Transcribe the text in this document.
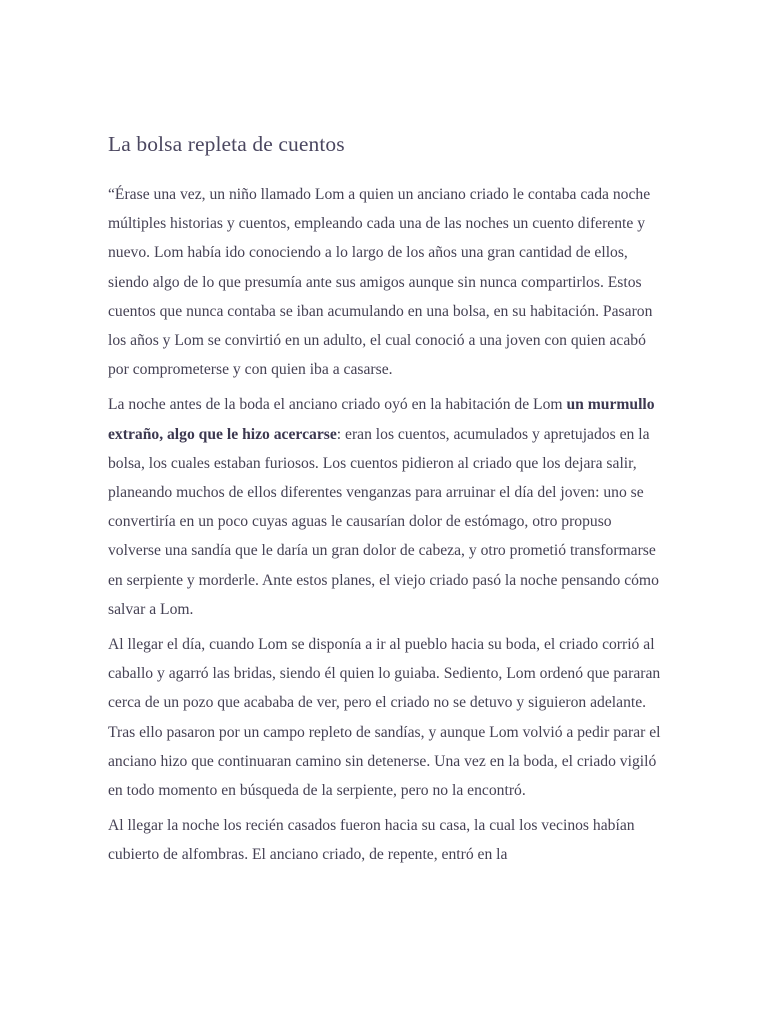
La bolsa repleta de cuentos

“Érase una vez, un niño llamado Lom a quien un anciano criado le contaba cada noche múltiples historias y cuentos, empleando cada una de las noches un cuento diferente y nuevo. Lom había ido conociendo a lo largo de los años una gran cantidad de ellos, siendo algo de lo que presumía ante sus amigos aunque sin nunca compartirlos. Estos cuentos que nunca contaba se iban acumulando en una bolsa, en su habitación. Pasaron los años y Lom se convirtió en un adulto, el cual conoció a una joven con quien acabó por comprometerse y con quien iba a casarse.

La noche antes de la boda el anciano criado oyó en la habitación de Lom un murmullo extraño, algo que le hizo acercarse: eran los cuentos, acumulados y apretujados en la bolsa, los cuales estaban furiosos. Los cuentos pidieron al criado que los dejara salir, planeando muchos de ellos diferentes venganzas para arruinar el día del joven: uno se convertiría en un poco cuyas aguas le causarían dolor de estómago, otro propuso volverse una sandía que le daría un gran dolor de cabeza, y otro prometió transformarse en serpiente y morderle. Ante estos planes, el viejo criado pasó la noche pensando cómo salvar a Lom.

Al llegar el día, cuando Lom se disponía a ir al pueblo hacia su boda, el criado corrió al caballo y agarró las bridas, siendo él quien lo guiaba. Sediento, Lom ordenó que pararan cerca de un pozo que acababa de ver, pero el criado no se detuvo y siguieron adelante. Tras ello pasaron por un campo repleto de sandías, y aunque Lom volvió a pedir parar el anciano hizo que continuaran camino sin detenerse. Una vez en la boda, el criado vigiló en todo momento en búsqueda de la serpiente, pero no la encontró.

Al llegar la noche los recién casados fueron hacia su casa, la cual los vecinos habían cubierto de alfombras. El anciano criado, de repente, entró en la
